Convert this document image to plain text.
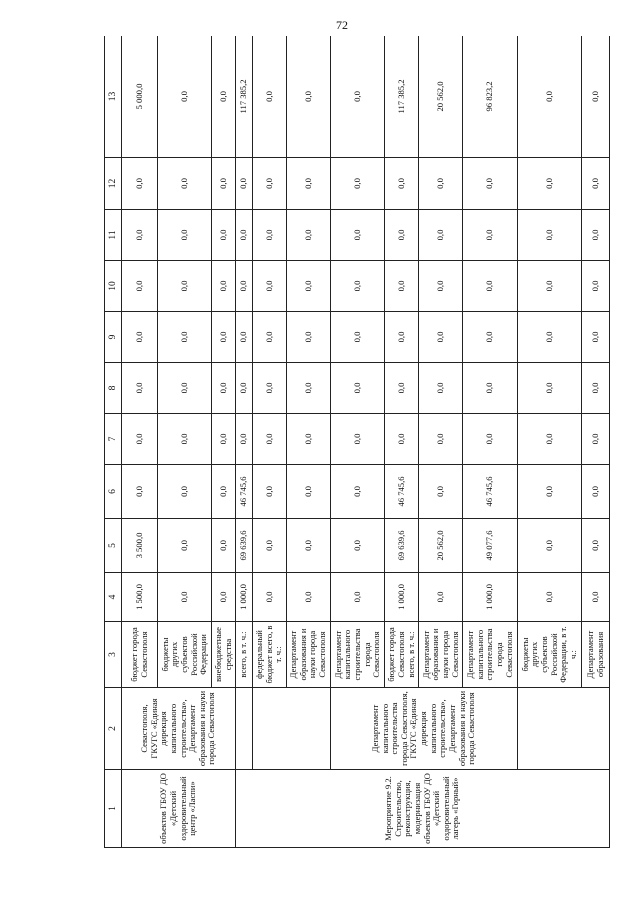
72
1	2	3	4	5	6	7	8	9	10	11	12	13
объектов ГБОУ ДО «Детский оздоровительный центр «Ласпи»	Севастополя, ГКУГС «Единая дирекция капитального строительства», Департамент образования и науки города Севастополя	бюджет города Севастополя	1 500,0	3 500,0	0,0	0,0	0,0	0,0	0,0	0,0	0,0	5 000,0
		бюджеты других субъектов Российской Федерации	0,0	0,0	0,0	0,0	0,0	0,0	0,0	0,0	0,0	0,0
		внебюджетные средства	0,0	0,0	0,0	0,0	0,0	0,0	0,0	0,0	0,0	0,0
Мероприятие 9.2. Строительство, реконструкция, модернизация объектов ГБОУ ДО «Детский оздоровительный лагерь «Горный»		всего, в т. ч.:	1 000,0	69 639,6	46 745,6	0,0	0,0	0,0	0,0	0,0	0,0	117 385,2
		федеральный бюджет всего, в т. ч.:	0,0	0,0	0,0	0,0	0,0	0,0	0,0	0,0	0,0	0,0
		Департамент образования и науки города Севастополя	0,0	0,0	0,0	0,0	0,0	0,0	0,0	0,0	0,0	0,0
	Департамент капитального строительства города Севастополя, ГКУГС «Единая дирекция капитального строительства», Департамент образования и науки города Севастополя	Департамент капитального строительства города Севастополя	0,0	0,0	0,0	0,0	0,0	0,0	0,0	0,0	0,0	0,0
		бюджет города Севастополя всего, в т. ч.:	1 000,0	69 639,6	46 745,6	0,0	0,0	0,0	0,0	0,0	0,0	117 385,2
		Департамент образования и науки города Севастополя	0,0	20 562,0	0,0	0,0	0,0	0,0	0,0	0,0	0,0	20 562,0
		Департамент капитального строительства города Севастополя	1 000,0	49 077,6	46 745,6	0,0	0,0	0,0	0,0	0,0	0,0	96 823,2
		бюджеты других субъектов Российской Федерации, в т. ч.:	0,0	0,0	0,0	0,0	0,0	0,0	0,0	0,0	0,0	0,0
		Департамент образования	0,0	0,0	0,0	0,0	0,0	0,0	0,0	0,0	0,0	0,0
